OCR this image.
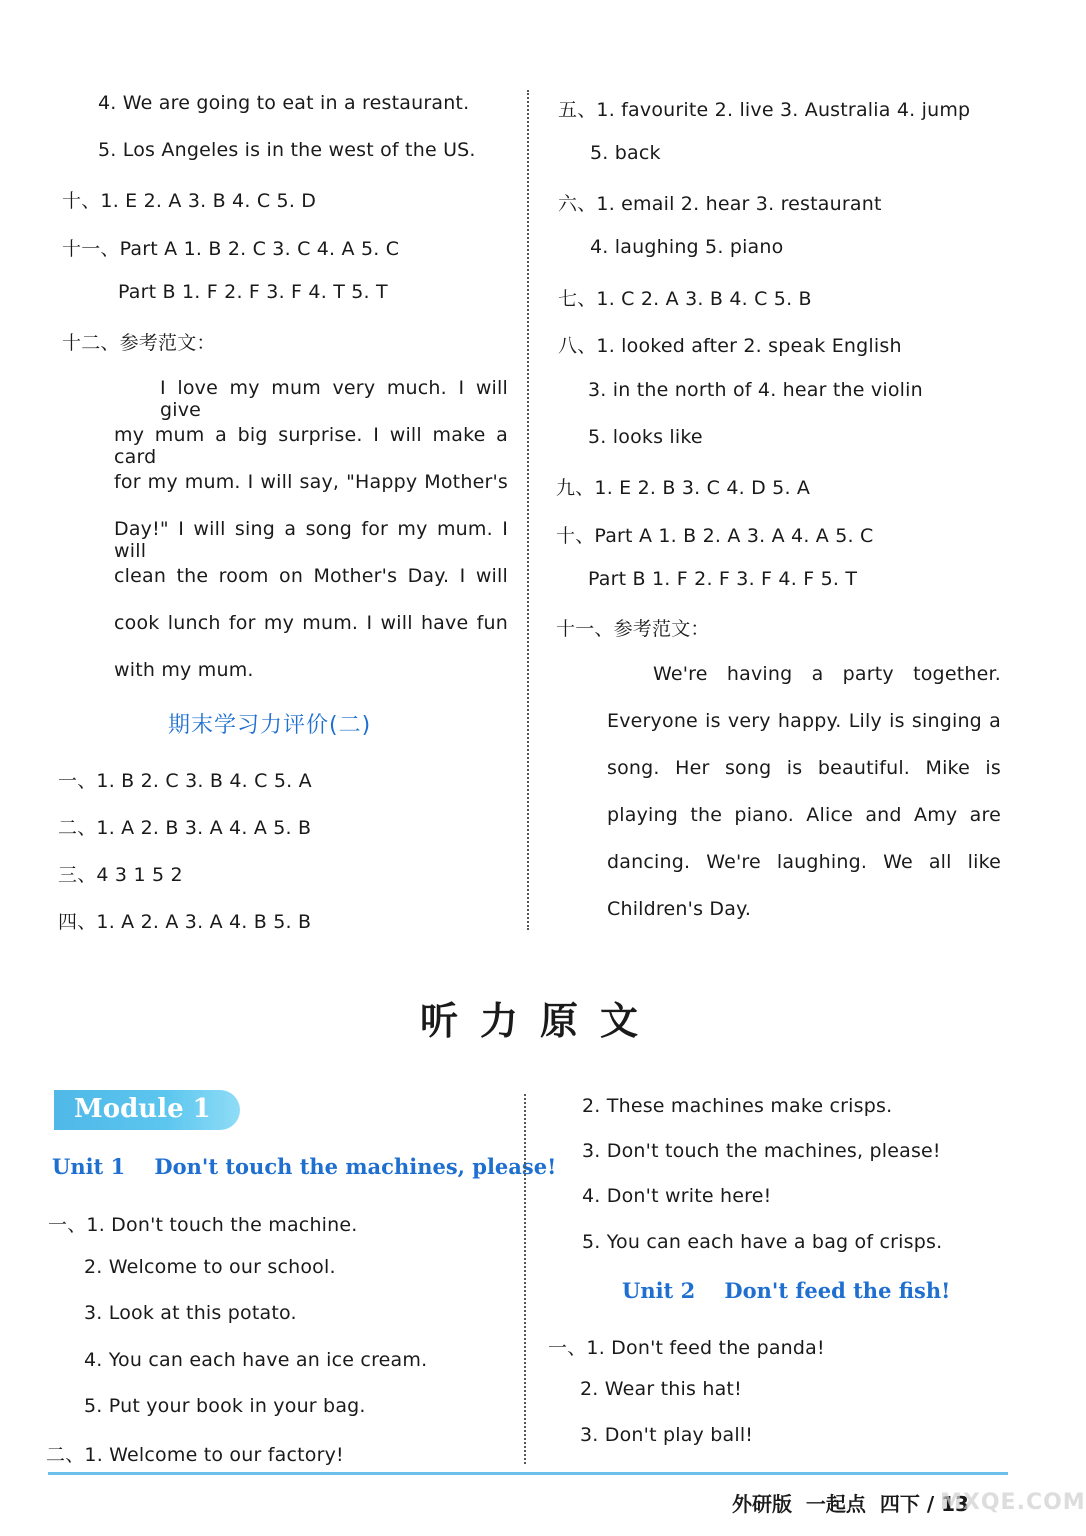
4. We are going to eat in a restaurant.
5. Los Angeles is in the west of the US.
十、1. E 2. A 3. B 4. C 5. D
十一、Part A 1. B 2. C 3. C 4. A 5. C
Part B 1. F 2. F 3. F 4. T 5. T
十二、参考范文：
I love my mum very much. I will give
my mum a big surprise. I will make a card
for my mum. I will say, "Happy Mother's
Day!" I will sing a song for my mum. I will
clean the room on Mother's Day. I will
cook lunch for my mum. I will have fun
with my mum.
期末学习力评价(二)
一、1. B 2. C 3. B 4. C 5. A
二、1. A 2. B 3. A 4. A 5. B
三、4 3 1 5 2
四、1. A 2. A 3. A 4. B 5. B
五、1. favourite 2. live 3. Australia 4. jump
5. back
六、1. email 2. hear 3. restaurant
4. laughing 5. piano
七、1. C 2. A 3. B 4. C 5. B
八、1. looked after 2. speak English
3. in the north of 4. hear the violin
5. looks like
九、1. E 2. B 3. C 4. D 5. A
十、Part A 1. B 2. A 3. A 4. A 5. C
Part B 1. F 2. F 3. F 4. F 5. T
十一、参考范文：
We're having a party together.
Everyone is very happy. Lily is singing a
song. Her song is beautiful. Mike is
playing the piano. Alice and Amy are
dancing. We're laughing. We all like
Children's Day.
听力原文
Module 1
Unit 1    Don't touch the machines, please!
一、1. Don't touch the machine.
2. Welcome to our school.
3. Look at this potato.
4. You can each have an ice cream.
5. Put your book in your bag.
二、1. Welcome to our factory!
2. These machines make crisps.
3. Don't touch the machines, please!
4. Don't write here!
5. You can each have a bag of crisps.
Unit 2    Don't feed the fish!
一、1. Don't feed the panda!
2. Wear this hat!
3. Don't play ball!
外研版  一起点  四下 / 13
MXQE.COM
